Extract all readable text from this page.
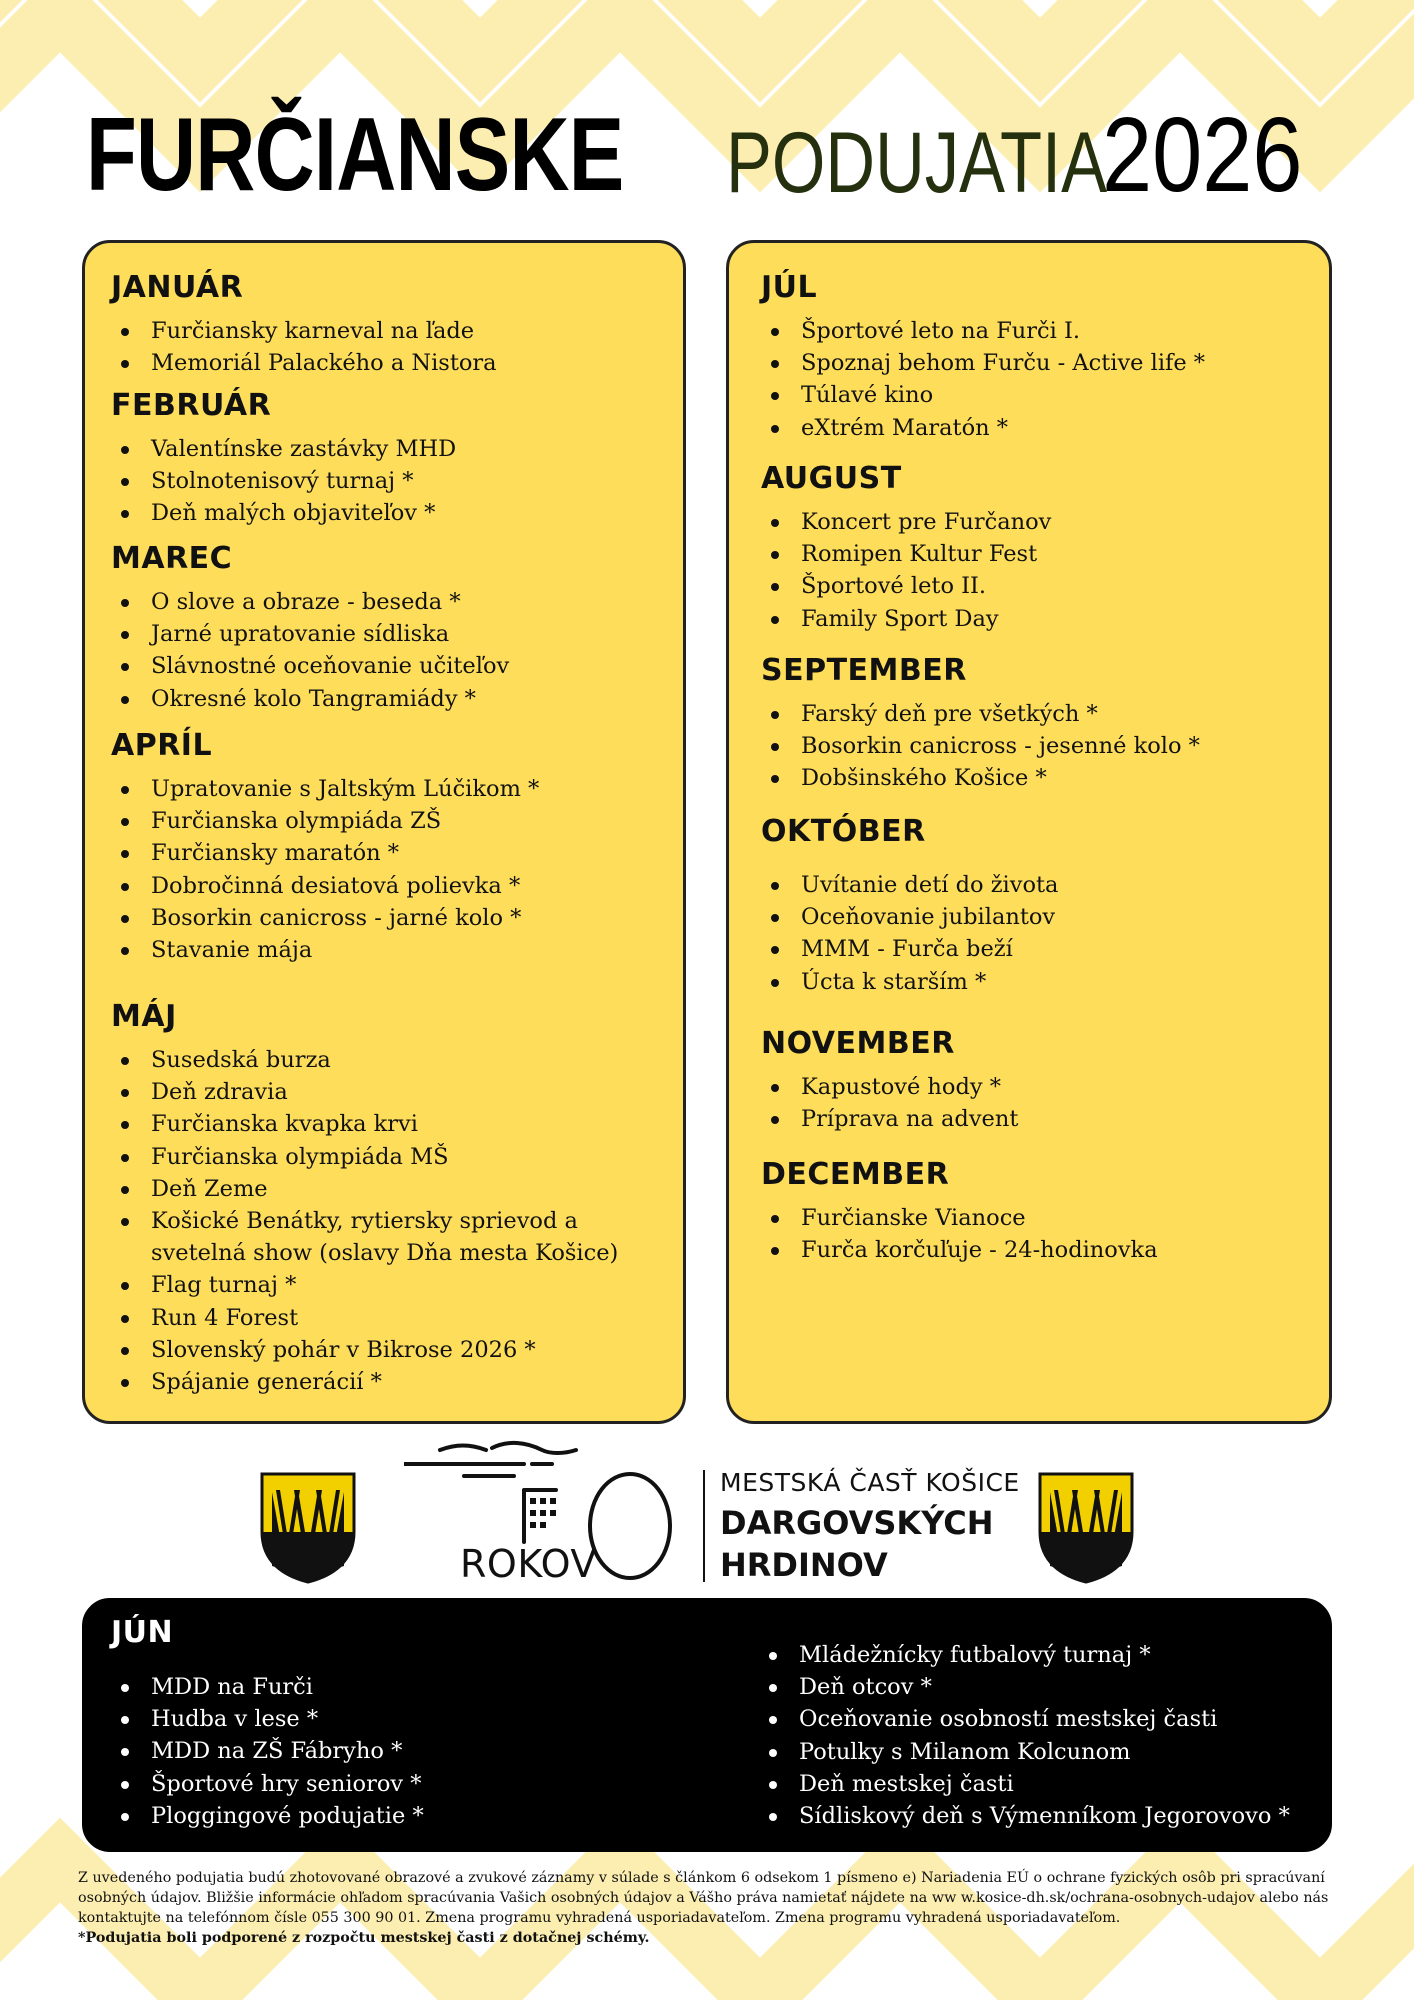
FURČIANSKE PODUJATIA
2026
JANUÁR
Furčiansky karneval na ľade
Memoriál Palackého a Nistora
FEBRUÁR
Valentínske zastávky MHD
Stolnotenisový turnaj *
Deň malých objaviteľov *
MAREC
O slove a obraze - beseda *
Jarné upratovanie sídliska
Slávnostné oceňovanie učiteľov
Okresné kolo Tangramiády *
APRÍL
Upratovanie s Jaltským Lúčikom *
Furčianska olympiáda ZŠ
Furčiansky maratón *
Dobročinná desiatová polievka *
Bosorkin canicross - jarné kolo *
Stavanie mája
MÁJ
Susedská burza
Deň zdravia
Furčianska kvapka krvi
Furčianska olympiáda MŠ
Deň Zeme
Košické Benátky, rytiersky sprievod a svetelná show (oslavy Dňa mesta Košice)
Flag turnaj *
Run 4 Forest
Slovenský pohár v Bikrose 2026 *
Spájanie generácií *
JÚL
Športové leto na Furči I.
Spoznaj behom Furču - Active life *
Túlavé kino
eXtrém Maratón *
AUGUST
Koncert pre Furčanov
Romipen Kultur Fest
Športové leto II.
Family Sport Day
SEPTEMBER
Farský deň pre všetkých *
Bosorkin canicross - jesenné kolo *
Dobšinského Košice *
OKTÓBER
Uvítanie detí do života
Oceňovanie jubilantov
MMM - Furča beží
Úcta k starším *
NOVEMBER
Kapustové hody *
Príprava na advent
DECEMBER
Furčianske Vianoce
Furča korčuľuje - 24-hodinovka
ROKOV
MESTSKÁ ČASŤ KOŠICE
DARGOVSKÝCH
HRDINOV
JÚN
MDD na Furči
Hudba v lese *
MDD na ZŠ Fábryho *
Športové hry seniorov *
Ploggingové podujatie *
Mládežnícky futbalový turnaj *
Deň otcov *
Oceňovanie osobností mestskej časti
Potulky s Milanom Kolcunom
Deň mestskej časti
Sídliskový deň s Výmenníkom Jegorovovo *

Z uvedeného podujatia budú zhotovované obrazové a zvukové záznamy v súlade s článkom 6 odsekom 1 písmeno e) Nariadenia EÚ o ochrane fyzických osôb pri spracúvaní osobných údajov. Bližšie informácie ohľadom spracúvania Vašich osobných údajov a Vášho práva namietať nájdete na ww w.kosice-dh.sk/ochrana-osobnych-udajov alebo nás kontaktujte na telefónnom čísle 055 300 90 01. Zmena programu vyhradená usporiadavateľom. Zmena programu vyhradená usporiadavateľom.

*Podujatia boli podporené z rozpočtu mestskej časti z dotačnej schémy.
